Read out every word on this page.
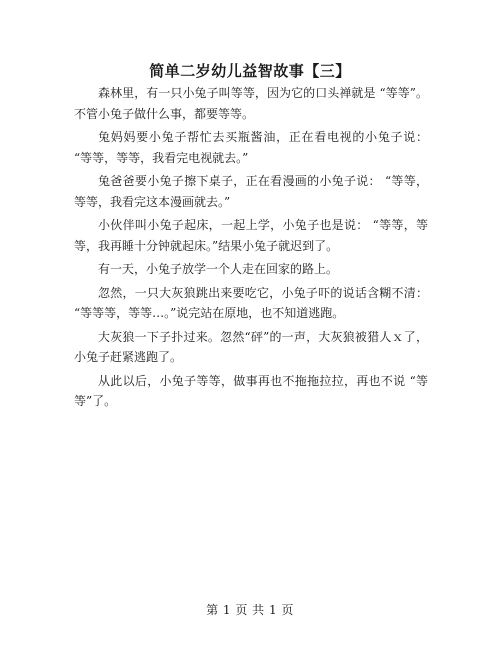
简单二岁幼儿益智故事【三】

森林里，有一只小兔子叫等等，因为它的口头禅就是 “等等”。不管小兔子做什么事，都要等等。

兔妈妈要小兔子帮忙去买瓶酱油，正在看电视的小兔子说： “等等，等等，我看完电视就去。”

兔爸爸要小兔子擦下桌子，正在看漫画的小兔子说： “等等，等等，我看完这本漫画就去。”

小伙伴叫小兔子起床，一起上学，小兔子也是说： “等等，等等，我再睡十分钟就起床。”结果小兔子就迟到了。

有一天，小兔子放学一个人走在回家的路上。

忽然，一只大灰狼跳出来要吃它，小兔子吓的说话含糊不清： “等等等，等等…。”说完站在原地，也不知道逃跑。

大灰狼一下子扑过来。忽然“砰”的一声，大灰狼被猎人ｘ了，小兔子赶紧逃跑了。

从此以后，小兔子等等，做事再也不拖拖拉拉，再也不说 “等等”了。

第 1 页 共 1 页
